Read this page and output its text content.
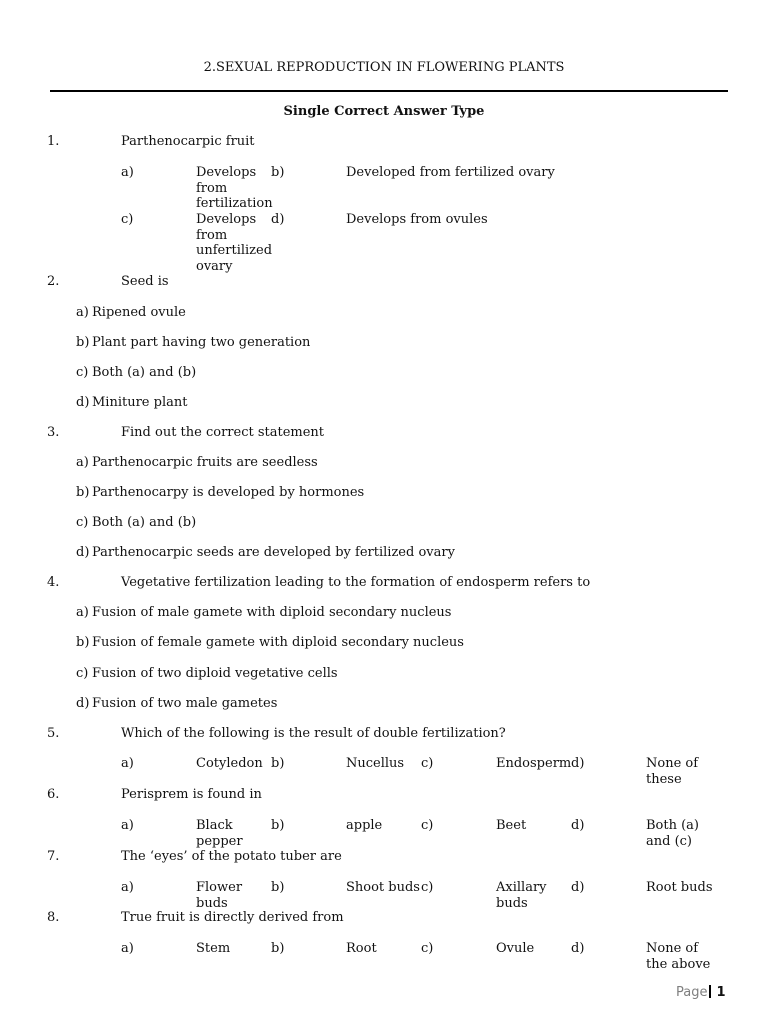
2.SEXUAL REPRODUCTION IN FLOWERING PLANTS
Single Correct Answer Type
1.	Parthenocarpic fruit
a)	Develops from fertilization
b)	Developed from fertilized ovary
c)	Develops from unfertilized ovary
d)	Develops from ovules
2.	Seed is
a) Ripened ovule
b) Plant part having two generation
c) Both (a) and (b)
d) Miniture plant
3.	Find out the correct statement
a) Parthenocarpic fruits are seedless
b) Parthenocarpy is developed by hormones
c) Both (a) and (b)
d) Parthenocarpic seeds are developed by fertilized ovary
4.	Vegetative fertilization leading to the formation of endosperm refers to
a) Fusion of male gamete with diploid secondary nucleus
b) Fusion of female gamete with diploid secondary nucleus
c) Fusion of two diploid vegetative cells
d) Fusion of two male gametes
5.	Which of the following is the result of double fertilization?
a)	Cotyledon b)	Nucellus	c)	Endosperm d)	None of these
6.	Perisprem is found in
a)	Black pepper
b)	apple	c)	Beet	d)	Both (a) and (c)
7.	The ‘eyes’ of the potato tuber are
a)	Flower buds
b)	Shoot buds c)	Axillary buds
d)	Root buds
8.	True fruit is directly derived from
a)	Stem	b)	Root	c)	Ovule	d)	None of the above
Page 1
